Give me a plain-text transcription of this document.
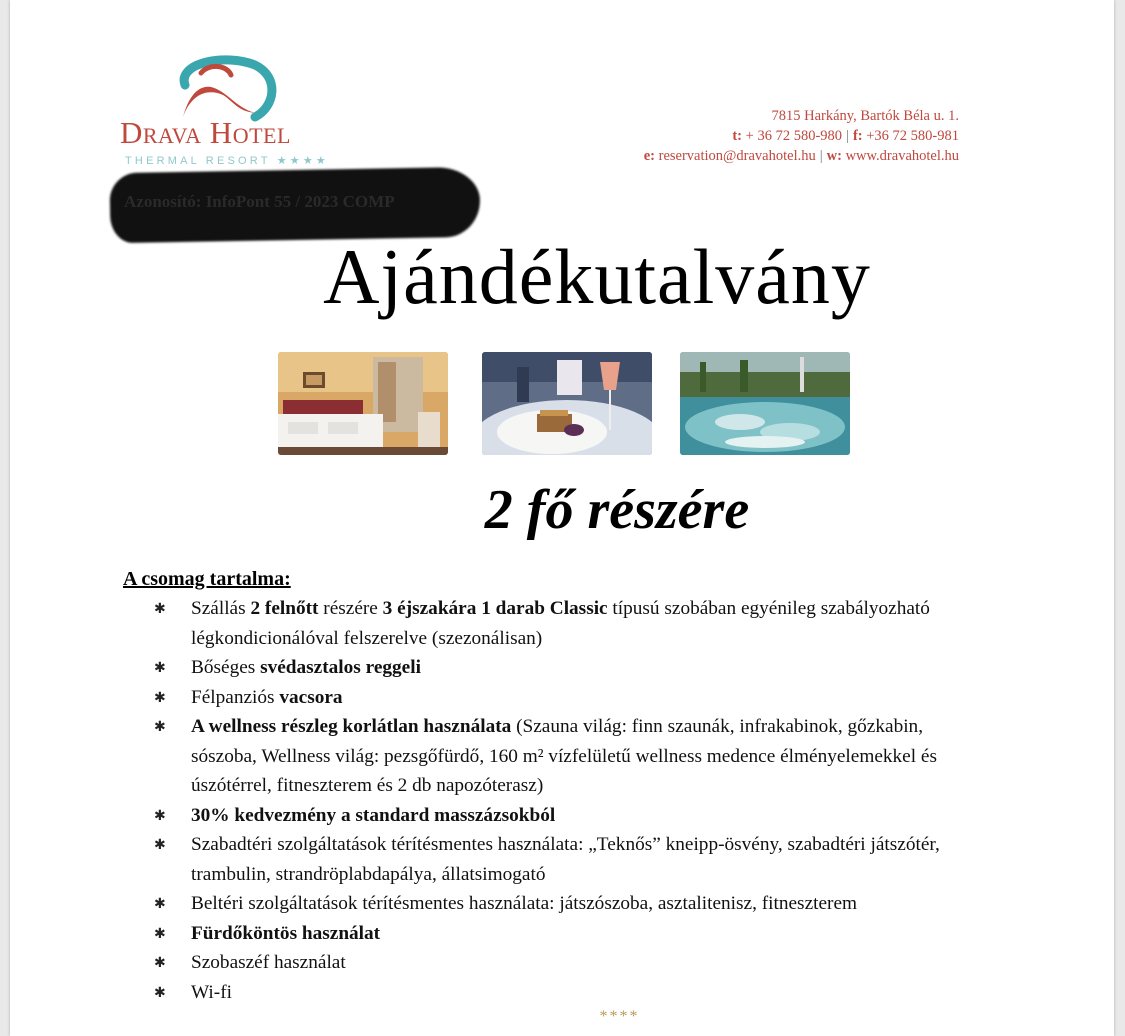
Drava Hotel
THERMAL RESORT ★★★★
7815 Harkány, Bartók Béla u. 1.
t: + 36 72 580-980 | f: +36 72 580-981
e: reservation@dravahotel.hu | w: www.dravahotel.hu
Azonosító: InfoPont 55 / 2023 COMP
Ajándékutalvány
2 fő részére
A csomag tartalma:
✱ Szállás 2 felnőtt részére 3 éjszakára 1 darab Classic típusú szobában egyénileg szabályozható légkondicionálóval felszerelve (szezonálisan)
✱ Bőséges svédasztalos reggeli
✱ Félpanziós vacsora
✱ A wellness részleg korlátlan használata (Szauna világ: finn szaunák, infrakabinok, gőzkabin, sószoba, Wellness világ: pezsgőfürdő, 160 m² vízfelületű wellness medence élményelemekkel és úszótérrel, fitneszterem és 2 db napozóterasz)
✱ 30% kedvezmény a standard masszázsokból
✱ Szabadtéri szolgáltatások térítésmentes használata: „Teknős” kneipp-ösvény, szabadtéri játszótér, trambulin, strandröplabdapálya, állatsimogató
✱ Beltéri szolgáltatások térítésmentes használata: játszószoba, asztalitenisz, fitneszterem
✱ Fürdőköntös használat
✱ Szobaszéf használat
✱ Wi-fi
****
